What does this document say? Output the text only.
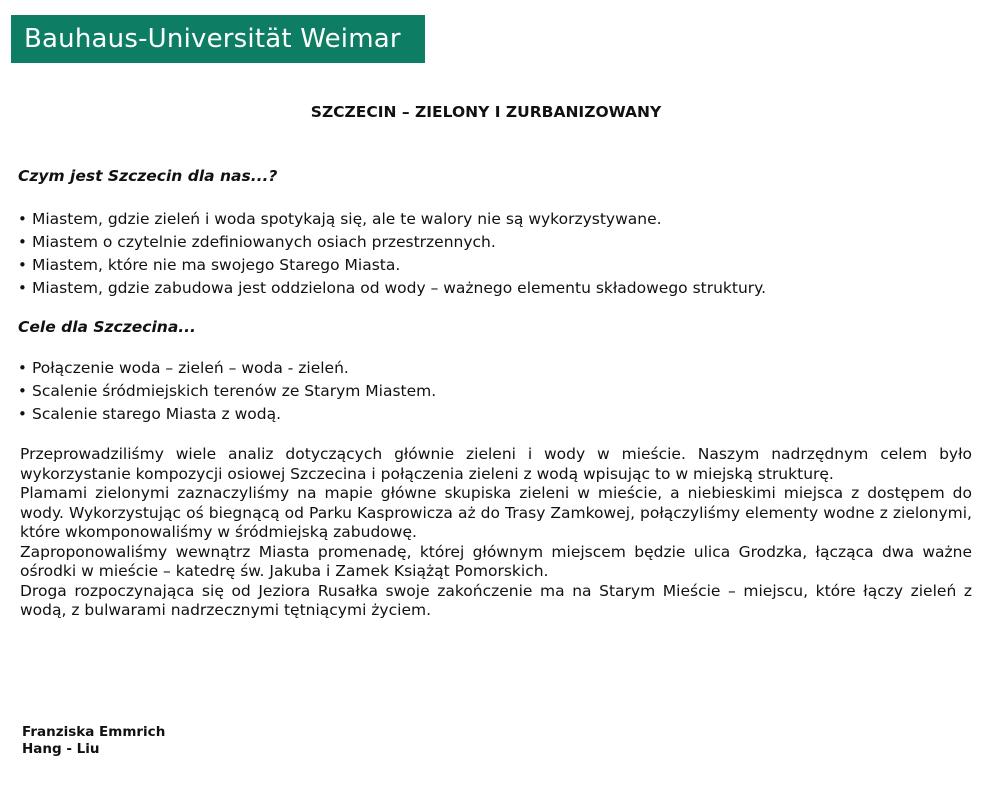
Bauhaus-Universität Weimar
SZCZECIN – ZIELONY I ZURBANIZOWANY
Czym jest Szczecin dla nas...?
• Miastem, gdzie zieleń i woda spotykają się, ale te walory nie są wykorzystywane.
• Miastem o czytelnie zdefiniowanych osiach przestrzennych.
• Miastem, które nie ma swojego Starego Miasta.
• Miastem, gdzie zabudowa jest oddzielona od wody – ważnego elementu składowego struktury.
Cele dla Szczecina...
• Połączenie woda – zieleń – woda - zieleń.
• Scalenie śródmiejskich terenów ze Starym Miastem.
• Scalenie starego Miasta z wodą.

Przeprowadziliśmy wiele analiz dotyczących głównie zieleni i wody w mieście. Naszym nadrzędnym celem było wykorzystanie kompozycji osiowej Szczecina i połączenia zieleni z wodą wpisując to w miejską strukturę.

Plamami zielonymi zaznaczyliśmy na mapie główne skupiska zieleni w mieście, a niebieskimi miejsca z dostępem do wody. Wykorzystując oś biegnącą od Parku Kasprowicza aż do Trasy Zamkowej, połączyliśmy elementy wodne z zielonymi, które wkomponowaliśmy w śródmiejską zabudowę.

Zaproponowaliśmy wewnątrz Miasta promenadę, której głównym miejscem będzie ulica Grodzka, łącząca dwa ważne ośrodki w mieście – katedrę św. Jakuba i Zamek Książąt Pomorskich.

Droga rozpoczynająca się od Jeziora Rusałka swoje zakończenie ma na Starym Mieście – miejscu, które łączy zieleń z wodą, z bulwarami nadrzecznymi tętniącymi życiem.

Franziska Emmrich
Hang - Liu
